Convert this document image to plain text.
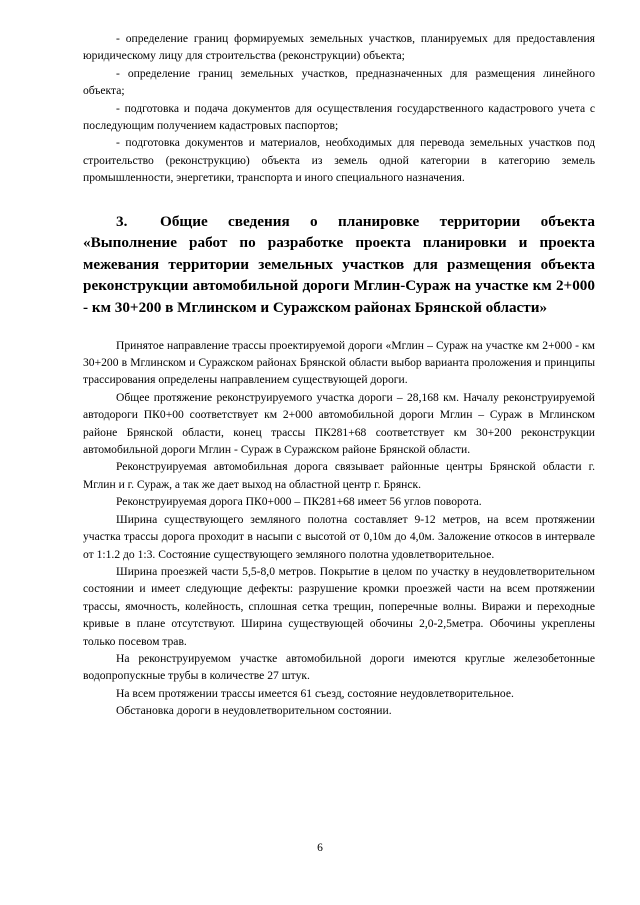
- определение границ формируемых земельных участков, планируемых для предоставления юридическому лицу для строительства (реконструкции) объекта;

- определение границ земельных участков, предназначенных для размещения линейного объекта;

- подготовка и подача документов для осуществления государственного кадастрового учета с последующим получением кадастровых паспортов;

- подготовка документов и материалов, необходимых для перевода земельных участков под строительство (реконструкцию) объекта из земель одной категории в категорию земель промышленности, энергетики, транспорта и иного специального назначения.

3. Общие сведения о планировке территории объекта «Выполнение работ по разработке проекта планировки и проекта межевания территории земельных участков для размещения объекта реконструкции автомобильной дороги Мглин-Сураж на участке км 2+000 - км 30+200 в Мглинском и Суражском районах Брянской области»

Принятое направление трассы проектируемой дороги «Мглин – Сураж на участке км 2+000 - км 30+200 в Мглинском и Суражском районах Брянской области выбор варианта проложения и принципы трассирования определены направлением существующей дороги.

Общее протяжение реконструируемого участка дороги – 28,168 км. Началу реконструируемой автодороги ПК0+00 соответствует км 2+000 автомобильной дороги Мглин – Сураж в Мглинском районе Брянской области, конец трассы ПК281+68 соответствует км 30+200 реконструкции автомобильной дороги Мглин - Сураж в Суражском районе Брянской области.

Реконструируемая автомобильная дорога связывает районные центры Брянской области г. Мглин и г. Сураж, а так же дает выход на областной центр г. Брянск.

Реконструируемая дорога ПК0+000 – ПК281+68 имеет 56 углов поворота.

Ширина существующего земляного полотна составляет 9-12 метров, на всем протяжении участка трассы дорога проходит в насыпи с высотой от 0,10м до 4,0м. Заложение откосов в интервале от 1:1.2 до 1:3. Состояние существующего земляного полотна удовлетворительное.

Ширина проезжей части 5,5-8,0 метров. Покрытие в целом по участку в неудовлетворительном состоянии и имеет следующие дефекты: разрушение кромки проезжей части на всем протяжении трассы, ямочность, колейность, сплошная сетка трещин, поперечные волны. Виражи и переходные кривые в плане отсутствуют. Ширина существующей обочины 2,0-2,5метра. Обочины укреплены только посевом трав.

На реконструируемом участке автомобильной дороги имеются круглые железобетонные водопропускные трубы в количестве 27 штук.

На всем протяжении трассы имеется 61 съезд, состояние неудовлетворительное.

Обстановка дороги в неудовлетворительном состоянии.

6
